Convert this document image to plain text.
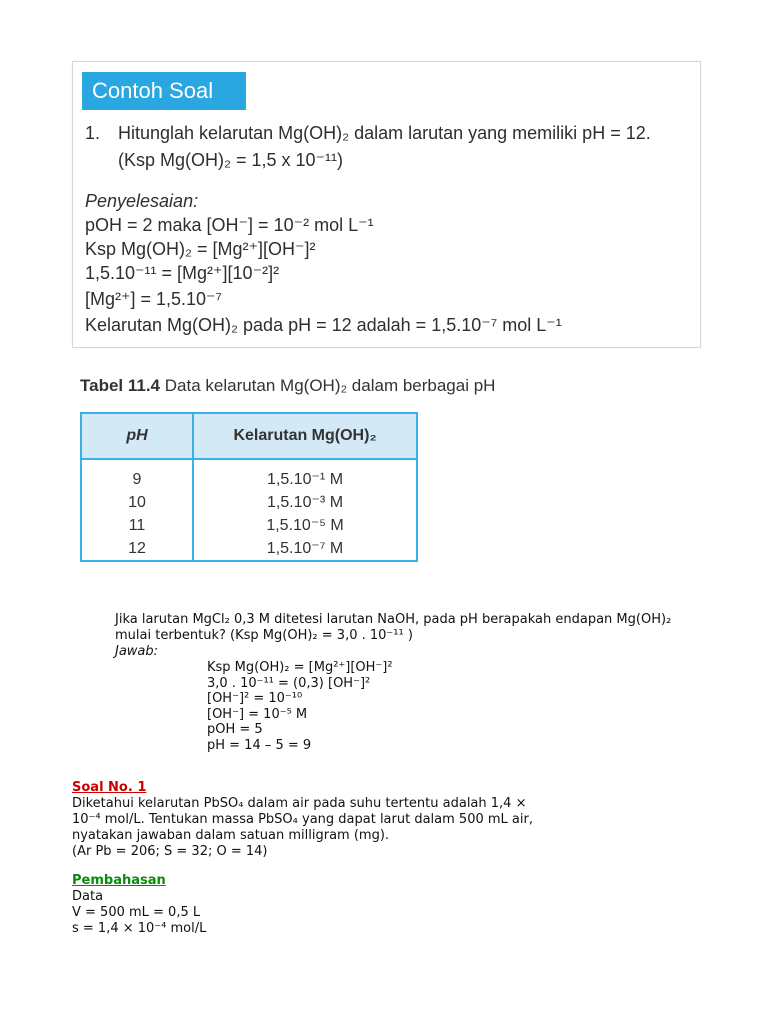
Contoh Soal
1. Hitunglah kelarutan Mg(OH)₂ dalam larutan yang memiliki pH = 12.
(Ksp Mg(OH)₂ = 1,5 x 10⁻¹¹)
Penyelesaian:
pOH = 2 maka [OH⁻] = 10⁻² mol L⁻¹
Ksp Mg(OH)₂ = [Mg²⁺][OH⁻]²
1,5.10⁻¹¹ = [Mg²⁺][10⁻²]²
[Mg²⁺] = 1,5.10⁻⁷
Kelarutan Mg(OH)₂ pada pH = 12 adalah = 1,5.10⁻⁷ mol L⁻¹
Tabel 11.4 Data kelarutan Mg(OH)₂ dalam berbagai pH
pH	Kelarutan Mg(OH)₂
9	1,5.10⁻¹ M
10	1,5.10⁻³ M
11	1,5.10⁻⁵ M
12	1,5.10⁻⁷ M
Jika larutan MgCl₂ 0,3 M ditetesi larutan NaOH, pada pH berapakah endapan Mg(OH)₂ mulai terbentuk? (Ksp Mg(OH)₂ = 3,0 . 10⁻¹¹ )
Jawab:
Ksp Mg(OH)₂ = [Mg²⁺][OH⁻]²
3,0 . 10⁻¹¹ = (0,3) [OH⁻]²
[OH⁻]² = 10⁻¹⁰
[OH⁻] = 10⁻⁵ M
pOH = 5
pH = 14 – 5 = 9
Soal No. 1
Diketahui kelarutan PbSO₄ dalam air pada suhu tertentu adalah 1,4 ×
10⁻⁴ mol/L. Tentukan massa PbSO₄ yang dapat larut dalam 500 mL air,
nyatakan jawaban dalam satuan milligram (mg).
(Ar Pb = 206; S = 32; O = 14)
Pembahasan
Data
V = 500 mL = 0,5 L
s = 1,4 × 10⁻⁴ mol/L
